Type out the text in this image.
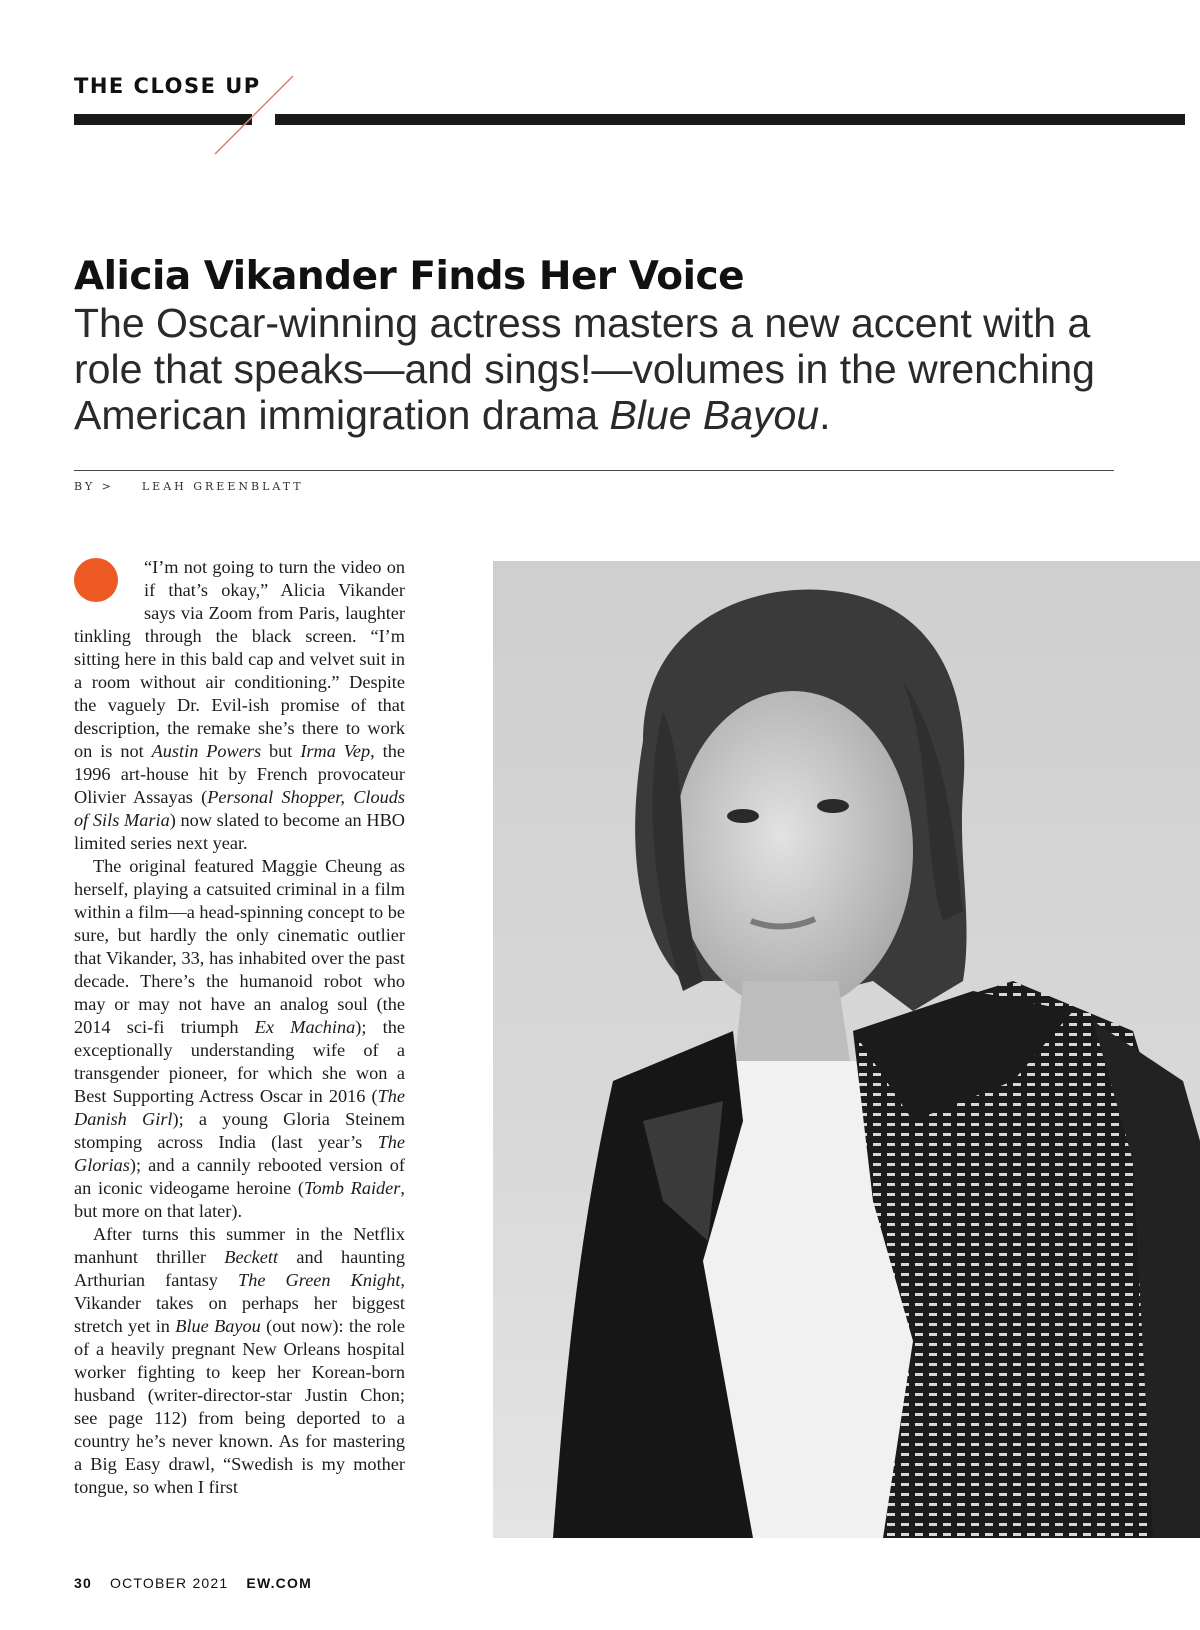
THE CLOSE UP
Alicia Vikander Finds Her Voice
The Oscar-winning actress masters a new accent with a role that speaks—and sings!—volumes in the wrenching American immigration drama Blue Bayou.
BY >	LEAH GREENBLATT

“I’m not going to turn the video on if that’s okay,” Alicia Vikander says via Zoom from Paris, laughter tinkling through the black screen. “I’m sitting here in this bald cap and velvet suit in a room without air conditioning.” Despite the vaguely Dr. Evil-ish promise of that description, the remake she’s there to work on is not Austin Powers but Irma Vep, the 1996 art-house hit by French provocateur Olivier Assayas (Personal Shopper, Clouds of Sils Maria) now slated to become an HBO limited series next year.

The original featured Maggie Cheung as herself, playing a catsuited criminal in a film within a film—a head-spinning concept to be sure, but hardly the only cinematic outlier that Vikander, 33, has inhabited over the past decade. There’s the humanoid robot who may or may not have an analog soul (the 2014 sci-fi triumph Ex Machina); the exceptionally understanding wife of a transgender pioneer, for which she won a Best Supporting Actress Oscar in 2016 (The Danish Girl); a young Gloria Steinem stomping across India (last year’s The Glorias); and a cannily rebooted version of an iconic videogame heroine (Tomb Raider, but more on that later).

After turns this summer in the Netflix manhunt thriller Beckett and haunting Arthurian fantasy The Green Knight, Vikander takes on perhaps her biggest stretch yet in Blue Bayou (out now): the role of a heavily pregnant New Orleans hospital worker fighting to keep her Korean-born husband (writer-director-star Justin Chon; see page 112) from being deported to a country he’s never known. As for mastering a Big Easy drawl, “Swedish is my mother tongue, so when I first

30 OCTOBER 2021 EW.COM
